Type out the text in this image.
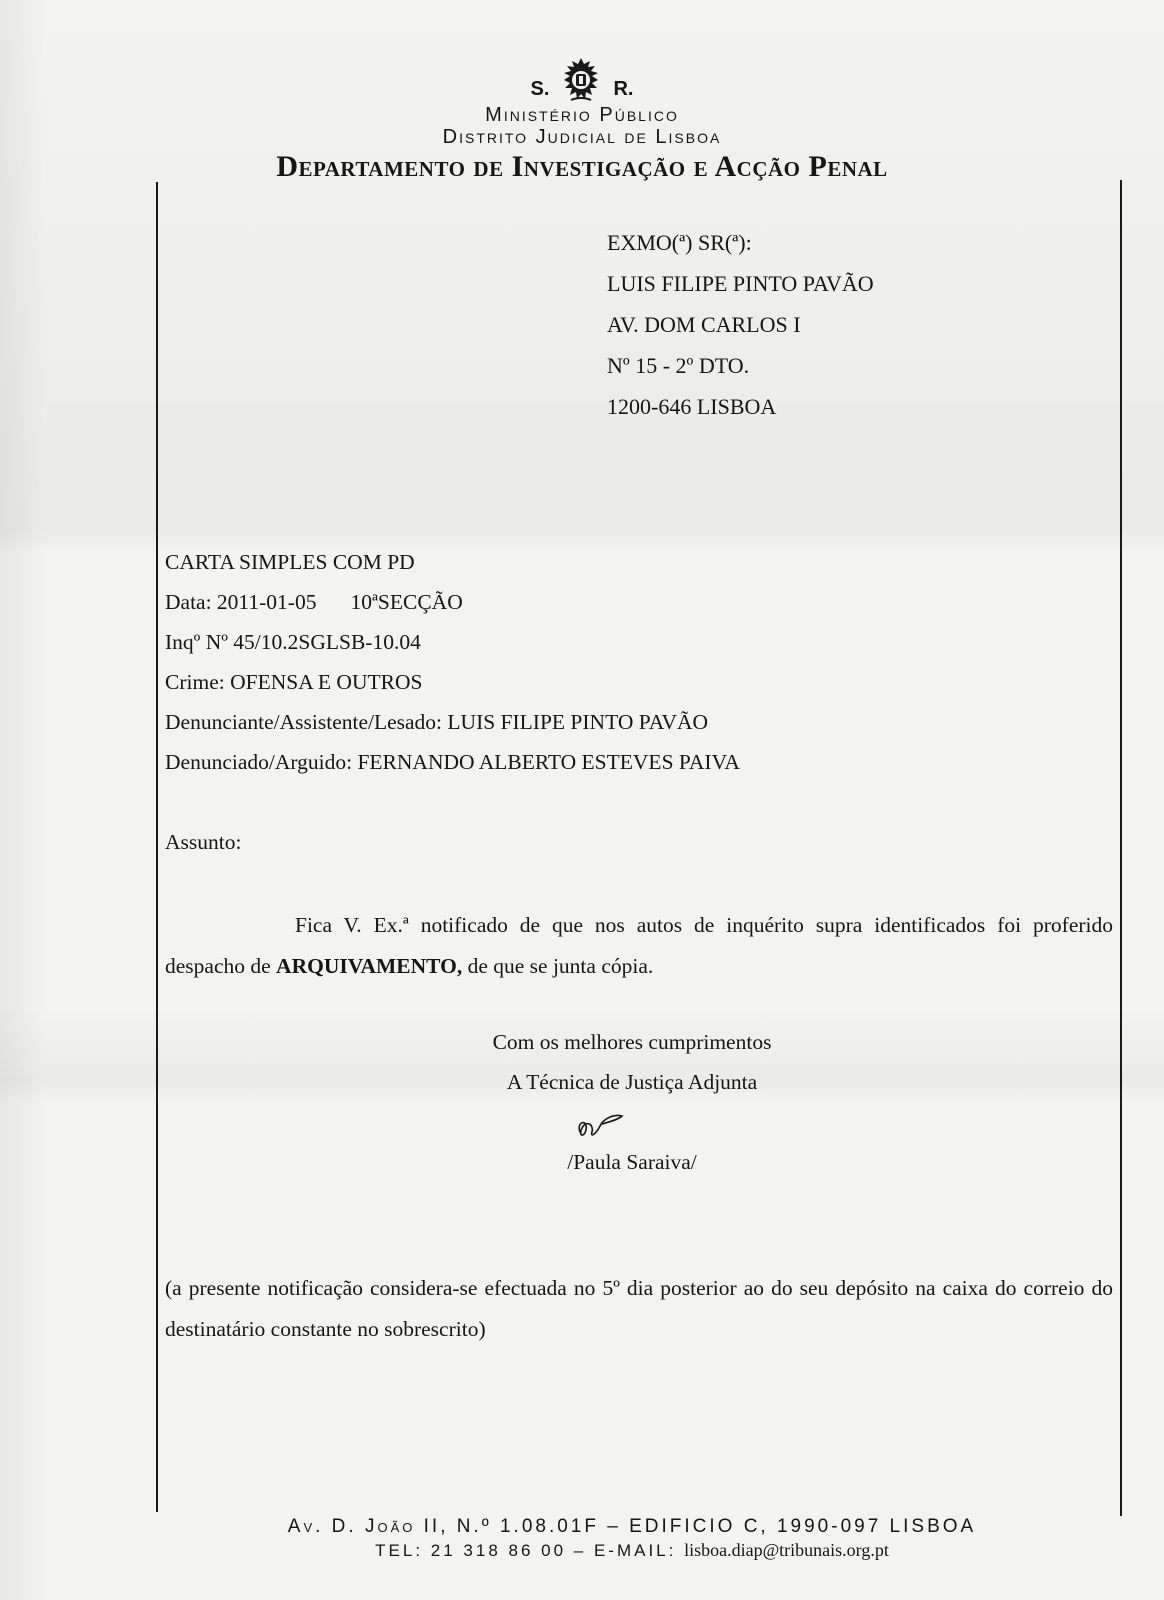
S.	R.
Ministério Público
Distrito Judicial de Lisboa
Departamento de Investigação e Acção Penal
EXMO(ª) SR(ª):
LUIS FILIPE PINTO PAVÃO
AV. DOM CARLOS I
Nº 15 - 2º DTO.
1200-646 LISBOA
CARTA SIMPLES COM PD
Data: 2011-01-05 10ªSECÇÃO
Inqº Nº 45/10.2SGLSB-10.04
Crime: OFENSA E OUTROS
Denunciante/Assistente/Lesado: LUIS FILIPE PINTO PAVÃO
Denunciado/Arguido: FERNANDO ALBERTO ESTEVES PAIVA
Assunto:
Fica V. Ex.ª notificado de que nos autos de inquérito supra identificados foi proferido despacho de ARQUIVAMENTO, de que se junta cópia.
Com os melhores cumprimentos
A Técnica de Justiça Adjunta
/Paula Saraiva/
(a presente notificação considera-se efectuada no 5º dia posterior ao do seu depósito na caixa do correio do destinatário constante no sobrescrito)
Av. D. João II, N.º 1.08.01F – EDIFICIO C, 1990-097 LISBOA
TEL: 21 318 86 00 – E-MAIL: lisboa.diap@tribunais.org.pt
